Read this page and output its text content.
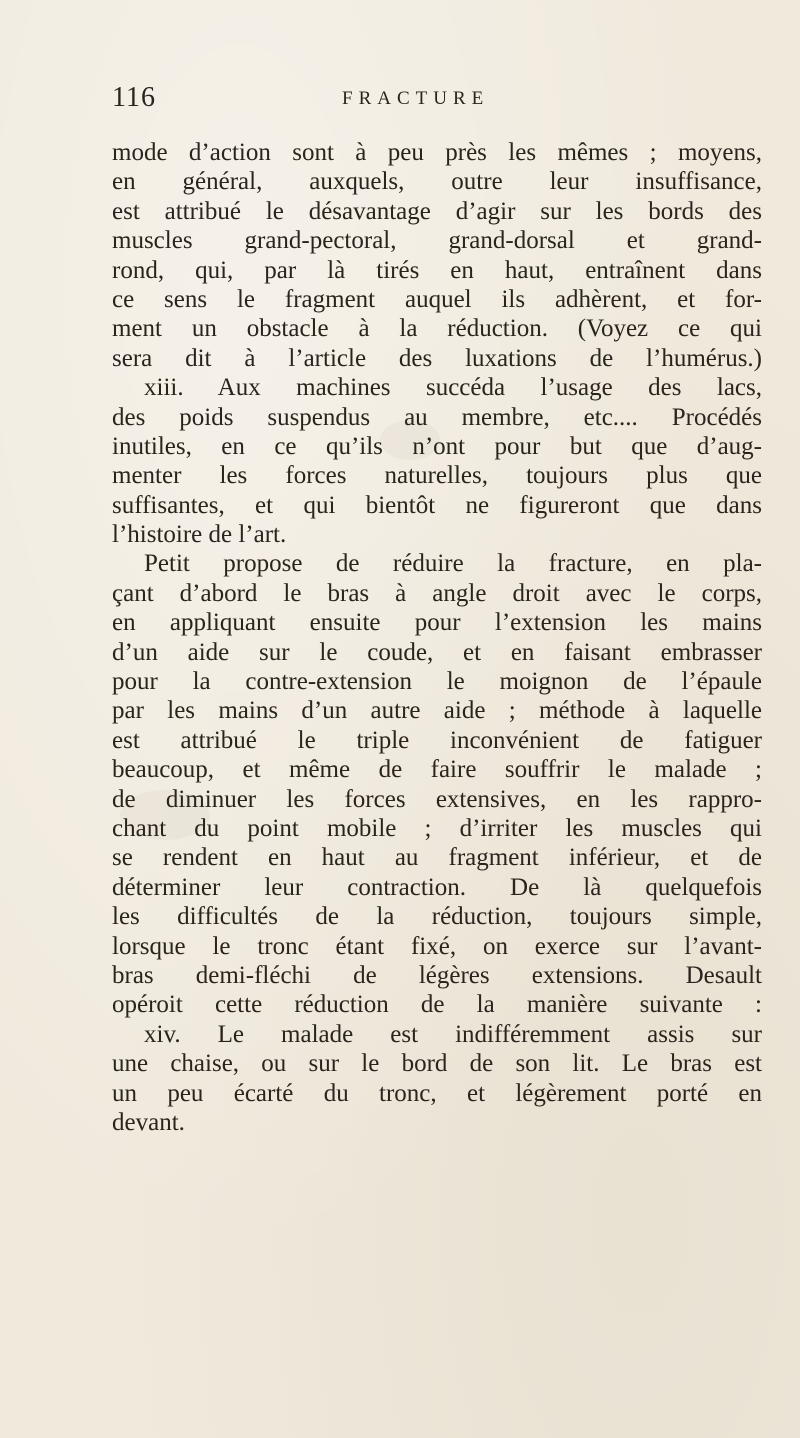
116	FRACTURE
mode d’action sont à peu près les mêmes ; moyens,
en général, auxquels, outre leur insuffisance,
est attribué le désavantage d’agir sur les bords des
muscles grand-pectoral, grand-dorsal et grand-
rond, qui, par là tirés en haut, entraînent dans
ce sens le fragment auquel ils adhèrent, et for-
ment un obstacle à la réduction. (Voyez ce qui
sera dit à l’article des luxations de l’humérus.)
xiii. Aux machines succéda l’usage des lacs,
des poids suspendus au membre, etc.... Procédés
inutiles, en ce qu’ils n’ont pour but que d’aug-
menter les forces naturelles, toujours plus que
suffisantes, et qui bientôt ne figureront que dans
l’histoire de l’art.
Petit propose de réduire la fracture, en pla-
çant d’abord le bras à angle droit avec le corps,
en appliquant ensuite pour l’extension les mains
d’un aide sur le coude, et en faisant embrasser
pour la contre-extension le moignon de l’épaule
par les mains d’un autre aide ; méthode à laquelle
est attribué le triple inconvénient de fatiguer
beaucoup, et même de faire souffrir le malade ;
de diminuer les forces extensives, en les rappro-
chant du point mobile ; d’irriter les muscles qui
se rendent en haut au fragment inférieur, et de
déterminer leur contraction. De là quelquefois
les difficultés de la réduction, toujours simple,
lorsque le tronc étant fixé, on exerce sur l’avant-
bras demi-fléchi de légères extensions. Desault
opéroit cette réduction de la manière suivante :
xiv. Le malade est indifféremment assis sur
une chaise, ou sur le bord de son lit. Le bras est
un peu écarté du tronc, et légèrement porté en
devant.
